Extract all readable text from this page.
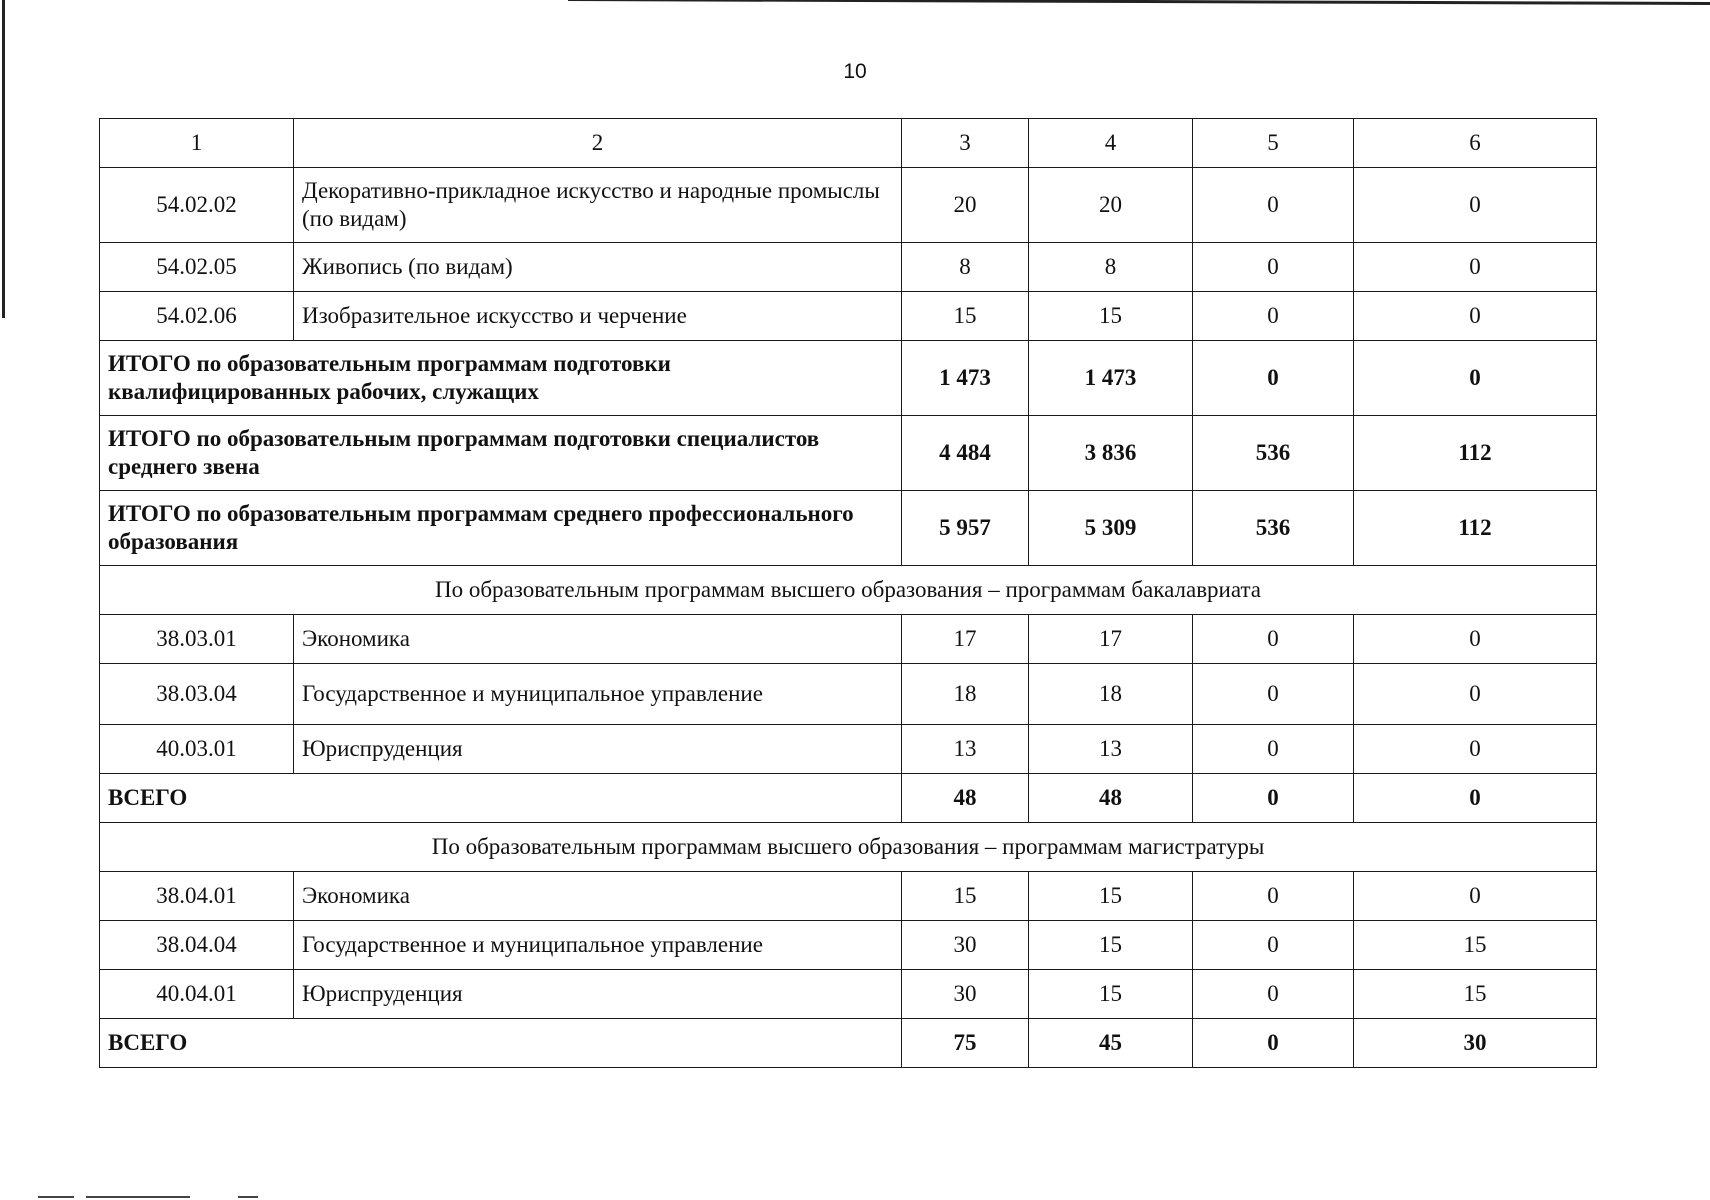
10
1	2	3	4	5	6
54.02.02	Декоративно-прикладное искусство и народные промыслы (по видам)	20	20	0	0
54.02.05	Живопись (по видам)	8	8	0	0
54.02.06	Изобразительное искусство и черчение	15	15	0	0
ИТОГО по образовательным программам подготовки квалифицированных рабочих, служащих		1 473	1 473	0	0
ИТОГО по образовательным программам подготовки специалистов среднего звена		4 484	3 836	536	112
ИТОГО по образовательным программам среднего профессионального образования		5 957	5 309	536	112
По образовательным программам высшего образования – программам бакалавриата					
38.03.01	Экономика	17	17	0	0
38.03.04	Государственное и муниципальное управление	18	18	0	0
40.03.01	Юриспруденция	13	13	0	0
ВСЕГО		48	48	0	0
По образовательным программам высшего образования – программам магистратуры					
38.04.01	Экономика	15	15	0	0
38.04.04	Государственное и муниципальное управление	30	15	0	15
40.04.01	Юриспруденция	30	15	0	15
ВСЕГО		75	45	0	30
